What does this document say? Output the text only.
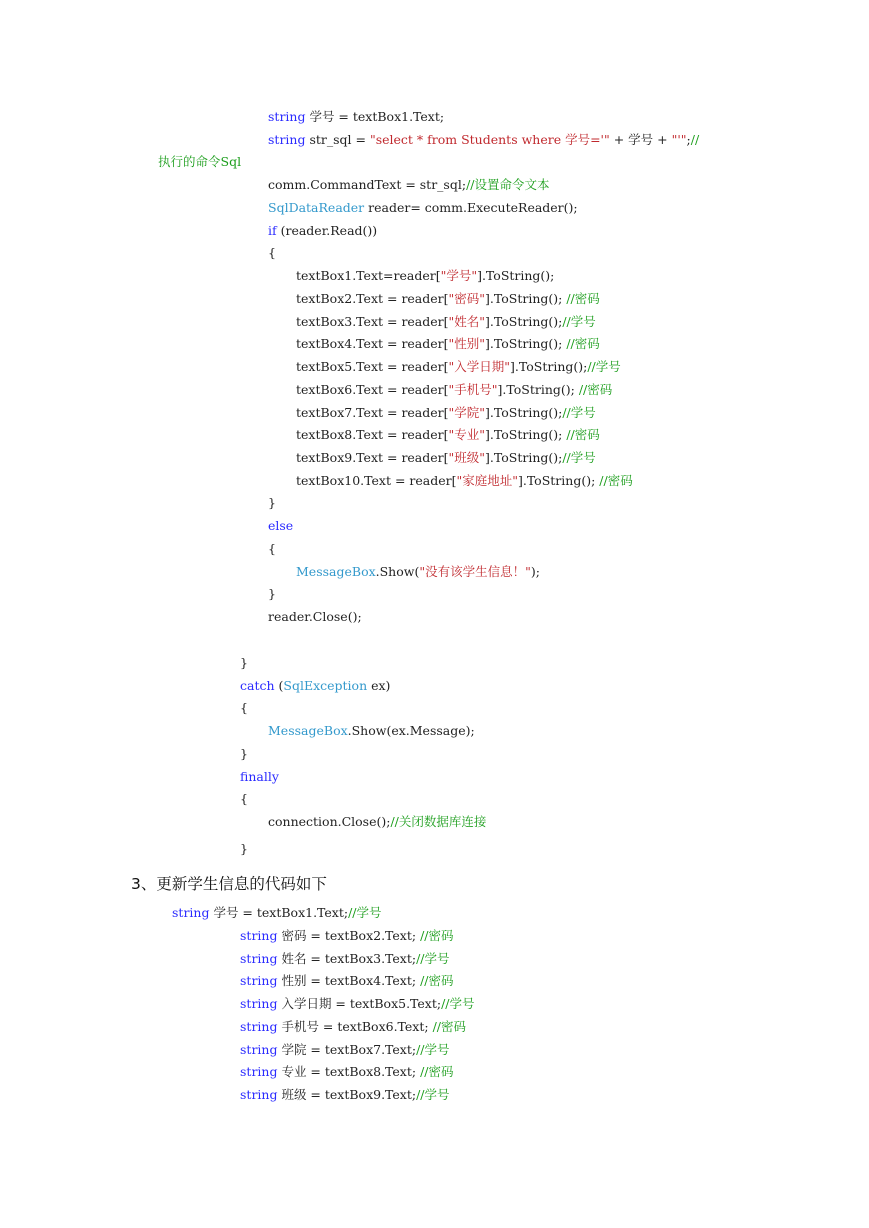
3、更新学生信息的代码如下
string 学号 = textBox1.Text;
string str_sql = "select * from Students where 学号='" + 学号 + "'";//
执行的命令Sql
comm.CommandText = str_sql;//设置命令文本
SqlDataReader reader= comm.ExecuteReader();
if (reader.Read())
{
textBox1.Text=reader["学号"].ToString();
textBox2.Text = reader["密码"].ToString(); //密码
textBox3.Text = reader["姓名"].ToString();//学号
textBox4.Text = reader["性别"].ToString(); //密码
textBox5.Text = reader["入学日期"].ToString();//学号
textBox6.Text = reader["手机号"].ToString(); //密码
textBox7.Text = reader["学院"].ToString();//学号
textBox8.Text = reader["专业"].ToString(); //密码
textBox9.Text = reader["班级"].ToString();//学号
textBox10.Text = reader["家庭地址"].ToString(); //密码
}
else
{
MessageBox.Show("没有该学生信息！");
}
reader.Close();
}
catch (SqlException ex)
{
MessageBox.Show(ex.Message);
}
finally
{
connection.Close();//关闭数据库连接
}
string 学号 = textBox1.Text;//学号
string 密码 = textBox2.Text; //密码
string 姓名 = textBox3.Text;//学号
string 性别 = textBox4.Text; //密码
string 入学日期 = textBox5.Text;//学号
string 手机号 = textBox6.Text; //密码
string 学院 = textBox7.Text;//学号
string 专业 = textBox8.Text; //密码
string 班级 = textBox9.Text;//学号
